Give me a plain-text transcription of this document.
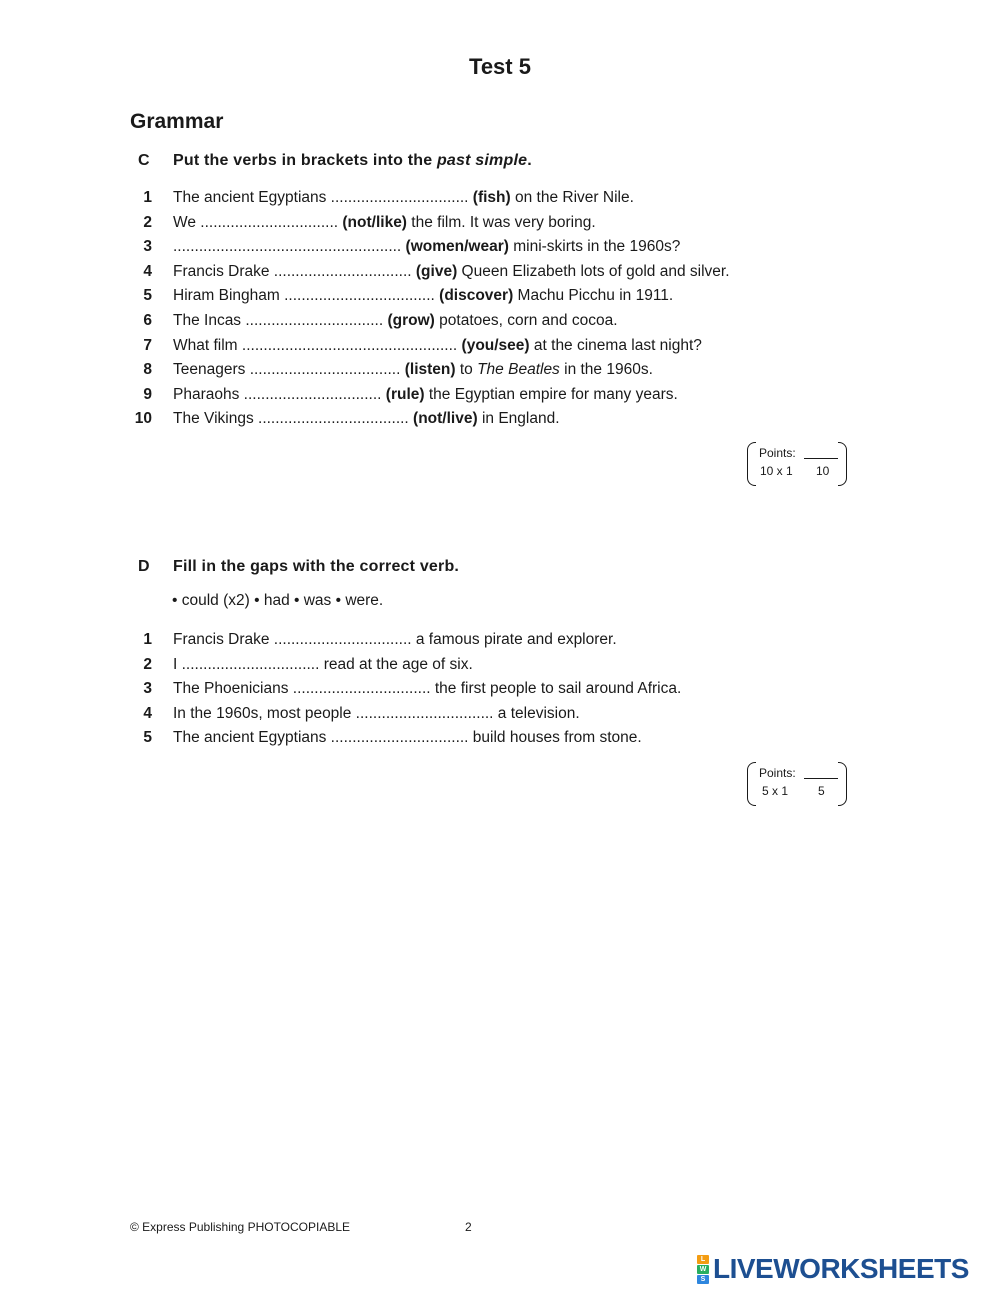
Test 5
Grammar
C Put the verbs in brackets into the past simple.
1 The ancient Egyptians ................................ (fish) on the River Nile.
2 We ................................ (not/like) the film. It was very boring.
3 ..................................................... (women/wear) mini-skirts in the 1960s?
4 Francis Drake ................................ (give) Queen Elizabeth lots of gold and silver.
5 Hiram Bingham ................................... (discover) Machu Picchu in 1911.
6 The Incas ................................ (grow) potatoes, corn and cocoa.
7 What film .................................................. (you/see) at the cinema last night?
8 Teenagers ................................... (listen) to The Beatles in the 1960s.
9 Pharaohs ................................ (rule) the Egyptian empire for many years.
10 The Vikings ................................... (not/live) in England.
Points:
10 x 1 10
D Fill in the gaps with the correct verb.
• could (x2) • had • was • were.
1 Francis Drake ................................ a famous pirate and explorer.
2 I ................................ read at the age of six.
3 The Phoenicians ................................ the first people to sail around Africa.
4 In the 1960s, most people ................................ a television.
5 The ancient Egyptians ................................ build houses from stone.
Points:
5 x 1 5
© Express Publishing PHOTOCOPIABLE	2
L
W
S LIVEWORKSHEETS
